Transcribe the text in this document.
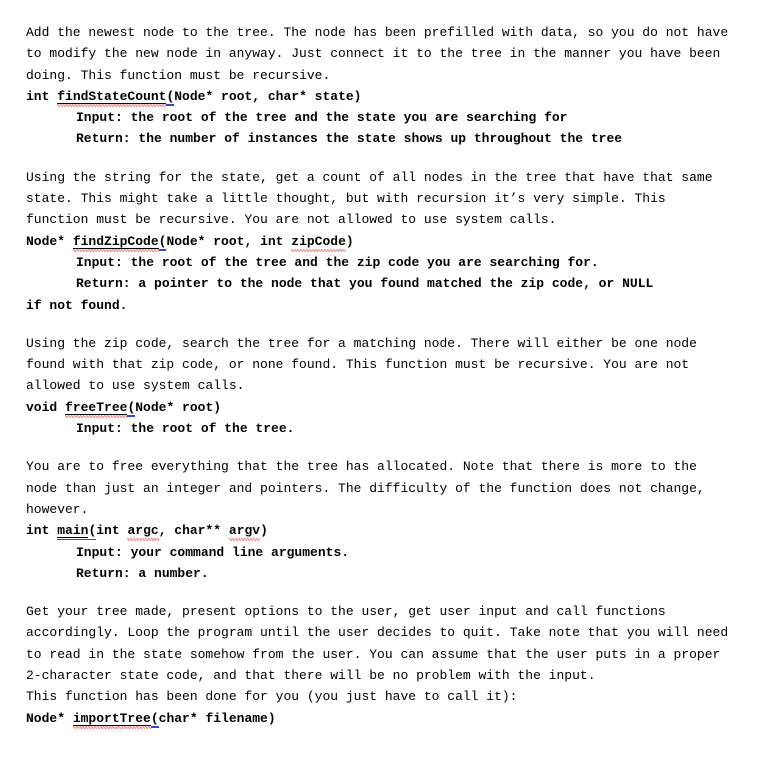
Add the newest node to the tree. The node has been prefilled with data, so you do not have to modify the new node in anyway. Just connect it to the tree in the manner you have been doing. This function must be recursive.

int findStateCount(Node* root, char* state)
Input: the root of the tree and the state you are searching for
Return: the number of instances the state shows up throughout the tree

Using the string for the state, get a count of all nodes in the tree that have that same state. This might take a little thought, but with recursion it’s very simple. This function must be recursive. You are not allowed to use system calls.

Node* findZipCode(Node* root, int zipCode)
Input: the root of the tree and the zip code you are searching for.
Return: a pointer to the node that you found matched the zip code, or NULL
if not found.

Using the zip code, search the tree for a matching node. There will either be one node found with that zip code, or none found. This function must be recursive. You are not allowed to use system calls.

void freeTree(Node* root)
Input: the root of the tree.

You are to free everything that the tree has allocated. Note that there is more to the node than just an integer and pointers. The difficulty of the function does not change, however.

int main(int argc, char** argv)
Input: your command line arguments.
Return: a number.

Get your tree made, present options to the user, get user input and call functions accordingly. Loop the program until the user decides to quit. Take note that you will need to read in the state somehow from the user. You can assume that the user puts in a proper 2-character state code, and that there will be no problem with the input.

This function has been done for you (you just have to call it):

Node* importTree(char* filename)
